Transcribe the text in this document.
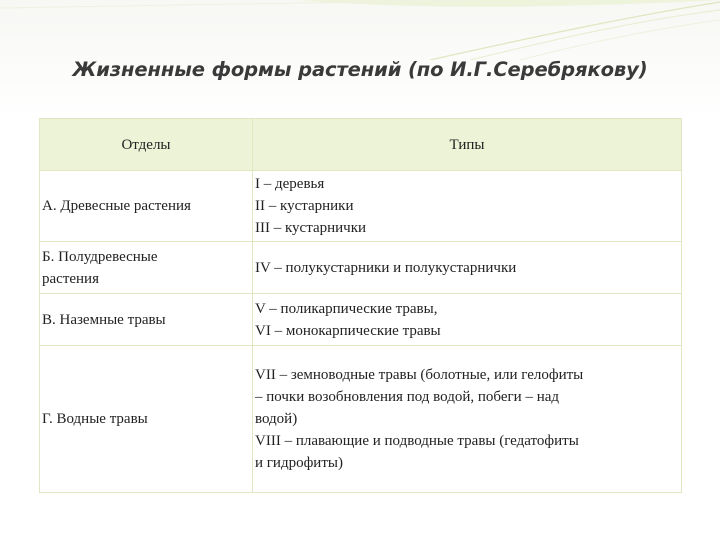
Жизненные формы растений (по И.Г.Серебрякову)
Отделы	Типы

А. Древесные растения	I – деревья
II – кустарники
III – кустарнички

Б. Полудревесные
растения	IV – полукустарники и полукустарнички

В. Наземные травы	V – поликарпические травы,
VI – монокарпические травы

Г. Водные травы	VII – земноводные травы (болотные, или гелофиты
– почки возобновления под водой, побеги – над
водой)
VIII – плавающие и подводные травы (гедатофиты
и гидрофиты)
